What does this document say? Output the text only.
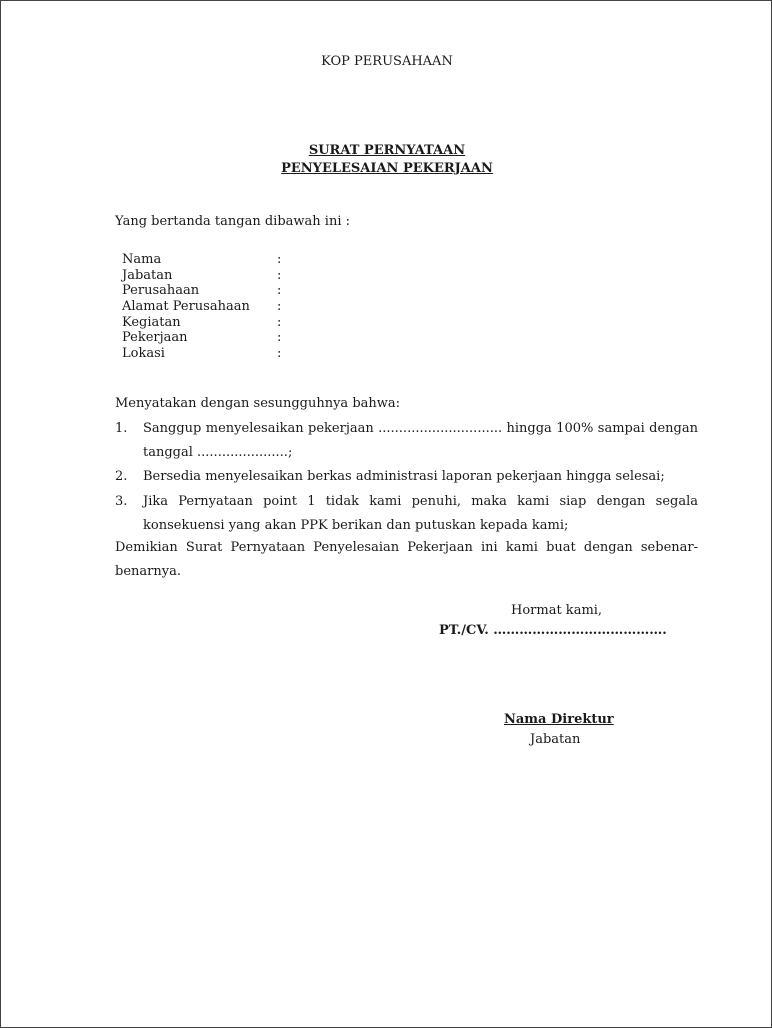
KOP PERUSAHAAN
SURAT PERNYATAAN
PENYELESAIAN PEKERJAAN
Yang bertanda tangan dibawah ini :
Nama	:
Jabatan	:
Perusahaan	:
Alamat Perusahaan :
Kegiatan	:
Pekerjaan	:
Lokasi	:
Menyatakan dengan sesungguhnya bahwa:
1. Sanggup menyelesaikan pekerjaan .............................. hingga 100% sampai dengan tanggal ......................;
2. Bersedia menyelesaikan berkas administrasi laporan pekerjaan hingga selesai;
3. Jika Pernyataan point 1 tidak kami penuhi, maka kami siap dengan segala konsekuensi yang akan PPK berikan dan putuskan kepada kami;
Demikian Surat Pernyataan Penyelesaian Pekerjaan ini kami buat dengan sebenar-benarnya.
Hormat kami,
PT./CV. ………………………………….
Nama Direktur
Jabatan
